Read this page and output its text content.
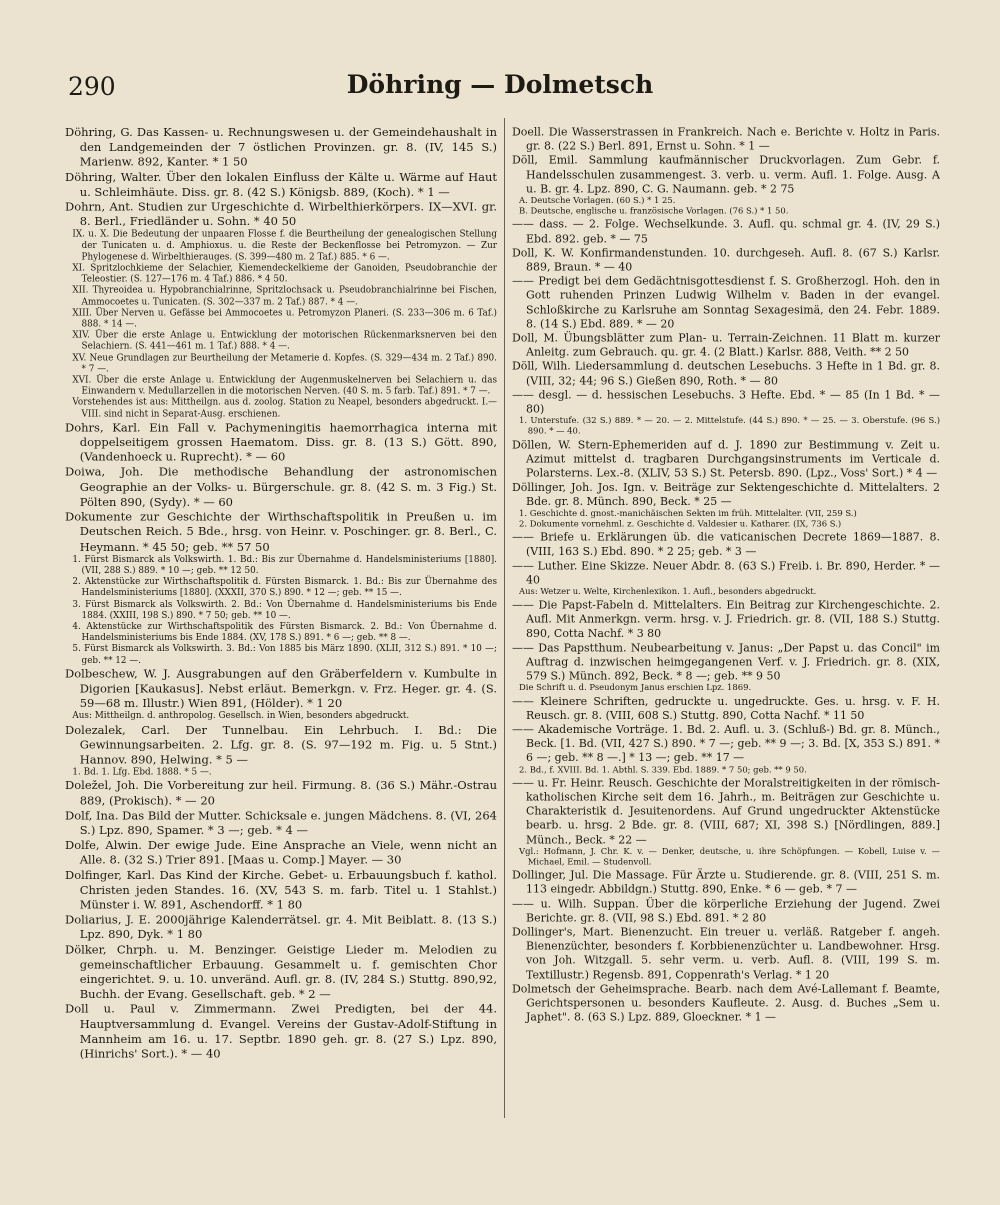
290	Döhring — Dolmetsch

Döhring, G. Das Kassen- u. Rechnungswesen u. der Gemeindehaushalt in den Landgemeinden der 7 östlichen Provinzen. gr. 8. (IV, 145 S.) Marienw. 892, Kanter. * 1 50

Döhring, Walter. Über den lokalen Einfluss der Kälte u. Wärme auf Haut u. Schleimhäute. Diss. gr. 8. (42 S.) Königsb. 889, (Koch). * 1 —

Dohrn, Ant. Studien zur Urgeschichte d. Wirbelthierkörpers. IX—XVI. gr. 8. Berl., Friedländer u. Sohn. * 40 50

IX. u. X. Die Bedeutung der unpaaren Flosse f. die Beurtheilung der genealogischen Stellung der Tunicaten u. d. Amphioxus. u. die Reste der Beckenflosse bei Petromyzon. — Zur Phylogenese d. Wirbelthierauges. (S. 399—480 m. 2 Taf.) 885. * 6 —.

XI. Spritzlochkieme der Selachier, Kiemendeckelkieme der Ganoiden, Pseudobranchie der Teleostier. (S. 127—176 m. 4 Taf.) 886. * 4 50.

XII. Thyreoidea u. Hypobranchialrinne, Spritzlochsack u. Pseudobranchialrinne bei Fischen, Ammocoetes u. Tunicaten. (S. 302—337 m. 2 Taf.) 887. * 4 —.

XIII. Über Nerven u. Gefässe bei Ammocoetes u. Petromyzon Planeri. (S. 233—306 m. 6 Taf.) 888. * 14 —.

XIV. Über die erste Anlage u. Entwicklung der motorischen Rückenmarksnerven bei den Selachiern. (S. 441—461 m. 1 Taf.) 888. * 4 —.

XV. Neue Grundlagen zur Beurtheilung der Metamerie d. Kopfes. (S. 329—434 m. 2 Taf.) 890. * 7 —.

XVI. Über die erste Anlage u. Entwicklung der Augenmuskelnerven bei Selachiern u. das Einwandern v. Medullarzellen in die motorischen Nerven. (40 S. m. 5 farb. Taf.) 891. * 7 —.

Vorstehendes ist aus: Mittheilgn. aus d. zoolog. Station zu Neapel, besonders abgedruckt. I.—VIII. sind nicht in Separat-Ausg. erschienen.

Dohrs, Karl. Ein Fall v. Pachymeningitis haemorrhagica interna mit doppelseitigem grossen Haematom. Diss. gr. 8. (13 S.) Gött. 890, (Vandenhoeck u. Ruprecht). * — 60

Doiwa, Joh. Die methodische Behandlung der astronomischen Geographie an der Volks- u. Bürgerschule. gr. 8. (42 S. m. 3 Fig.) St. Pölten 890, (Sydy). * — 60

Dokumente zur Geschichte der Wirthschaftspolitik in Preußen u. im Deutschen Reich. 5 Bde., hrsg. von Heinr. v. Poschinger. gr. 8. Berl., C. Heymann. * 45 50; geb. ** 57 50

1. Fürst Bismarck als Volkswirth. 1. Bd.: Bis zur Übernahme d. Handelsministeriums [1880]. (VII, 288 S.) 889. * 10 —; geb. ** 12 50.

2. Aktenstücke zur Wirthschaftspolitik d. Fürsten Bismarck. 1. Bd.: Bis zur Übernahme des Handelsministeriums [1880]. (XXXII, 370 S.) 890. * 12 —; geb. ** 15 —.

3. Fürst Bismarck als Volkswirth. 2. Bd.: Von Übernahme d. Handelsministeriums bis Ende 1884. (XXIII, 198 S.) 890. * 7 50; geb. ** 10 —.

4. Aktenstücke zur Wirthschaftspolitik des Fürsten Bismarck. 2. Bd.: Von Übernahme d. Handelsministeriums bis Ende 1884. (XV, 178 S.) 891. * 6 —; geb. ** 8 —.

5. Fürst Bismarck als Volkswirth. 3. Bd.: Von 1885 bis März 1890. (XLII, 312 S.) 891. * 10 —; geb. ** 12 —.

Dolbeschew, W. J. Ausgrabungen auf den Gräberfeldern v. Kumbulte in Digorien [Kaukasus]. Nebst erläut. Bemerkgn. v. Frz. Heger. gr. 4. (S. 59—68 m. Illustr.) Wien 891, (Hölder). * 1 20

Aus: Mittheilgn. d. anthropolog. Gesellsch. in Wien, besonders abgedruckt.

Dolezalek, Carl. Der Tunnelbau. Ein Lehrbuch. I. Bd.: Die Gewinnungsarbeiten. 2. Lfg. gr. 8. (S. 97—192 m. Fig. u. 5 Stnt.) Hannov. 890, Helwing. * 5 —

1. Bd. 1. Lfg. Ebd. 1888. * 5 —.

Doležel, Joh. Die Vorbereitung zur heil. Firmung. 8. (36 S.) Mähr.-Ostrau 889, (Prokisch). * — 20

Dolf, Ina. Das Bild der Mutter. Schicksale e. jungen Mädchens. 8. (VI, 264 S.) Lpz. 890, Spamer. * 3 —; geb. * 4 —

Dolfe, Alwin. Der ewige Jude. Eine Ansprache an Viele, wenn nicht an Alle. 8. (32 S.) Trier 891. [Maas u. Comp.] Mayer. — 30

Dolfinger, Karl. Das Kind der Kirche. Gebet- u. Erbauungsbuch f. kathol. Christen jeden Standes. 16. (XV, 543 S. m. farb. Titel u. 1 Stahlst.) Münster i. W. 891, Aschendorff. * 1 80

Doliarius, J. E. 2000jährige Kalenderrätsel. gr. 4. Mit Beiblatt. 8. (13 S.) Lpz. 890, Dyk. * 1 80

Dölker, Chrph. u. M. Benzinger. Geistige Lieder m. Melodien zu gemeinschaftlicher Erbauung. Gesammelt u. f. gemischten Chor eingerichtet. 9. u. 10. unveränd. Aufl. gr. 8. (IV, 284 S.) Stuttg. 890,92, Buchh. der Evang. Gesellschaft. geb. * 2 —

Doll u. Paul v. Zimmermann. Zwei Predigten, bei der 44. Hauptversammlung d. Evangel. Vereins der Gustav-Adolf-Stiftung in Mannheim am 16. u. 17. Septbr. 1890 geh. gr. 8. (27 S.) Lpz. 890, (Hinrichs' Sort.). * — 40

Doell. Die Wasserstrassen in Frankreich. Nach e. Berichte v. Holtz in Paris. gr. 8. (22 S.) Berl. 891, Ernst u. Sohn. * 1 —

Döll, Emil. Sammlung kaufmännischer Druckvorlagen. Zum Gebr. f. Handelsschulen zusammengest. 3. verb. u. verm. Aufl. 1. Folge. Ausg. A u. B. gr. 4. Lpz. 890, C. G. Naumann. geb. * 2 75

A. Deutsche Vorlagen. (60 S.) * 1 25.

B. Deutsche, englische u. französische Vorlagen. (76 S.) * 1 50.

—— dass. — 2. Folge. Wechselkunde. 3. Aufl. qu. schmal gr. 4. (IV, 29 S.) Ebd. 892. geb. * — 75

Doll, K. W. Konfirmandenstunden. 10. durchgeseh. Aufl. 8. (67 S.) Karlsr. 889, Braun. * — 40

—— Predigt bei dem Gedächtnisgottesdienst f. S. Großherzogl. Hoh. den in Gott ruhenden Prinzen Ludwig Wilhelm v. Baden in der evangel. Schloßkirche zu Karlsruhe am Sonntag Sexagesimä, den 24. Febr. 1889. 8. (14 S.) Ebd. 889. * — 20

Doll, M. Übungsblätter zum Plan- u. Terrain-Zeichnen. 11 Blatt m. kurzer Anleitg. zum Gebrauch. qu. gr. 4. (2 Blatt.) Karlsr. 888, Veith. ** 2 50

Döll, Wilh. Liedersammlung d. deutschen Lesebuchs. 3 Hefte in 1 Bd. gr. 8. (VIII, 32; 44; 96 S.) Gießen 890, Roth. * — 80

—— desgl. — d. hessischen Lesebuchs. 3 Hefte. Ebd. * — 85 (In 1 Bd. * — 80)

1. Unterstufe. (32 S.) 889. * — 20. — 2. Mittelstufe. (44 S.) 890. * — 25. — 3. Oberstufe. (96 S.) 890. * — 40.

Döllen, W. Stern-Ephemeriden auf d. J. 1890 zur Bestimmung v. Zeit u. Azimut mittelst d. tragbaren Durchgangsinstruments im Verticale d. Polarsterns. Lex.-8. (XLIV, 53 S.) St. Petersb. 890. (Lpz., Voss' Sort.) * 4 —

Döllinger, Joh. Jos. Ign. v. Beiträge zur Sektengeschichte d. Mittelalters. 2 Bde. gr. 8. Münch. 890, Beck. * 25 —

1. Geschichte d. gnost.-manichäischen Sekten im früh. Mittelalter. (VII, 259 S.)

2. Dokumente vornehml. z. Geschichte d. Valdesier u. Katharer. (IX, 736 S.)

—— Briefe u. Erklärungen üb. die vaticanischen Decrete 1869—1887. 8. (VIII, 163 S.) Ebd. 890. * 2 25; geb. * 3 —

—— Luther. Eine Skizze. Neuer Abdr. 8. (63 S.) Freib. i. Br. 890, Herder. * — 40

Aus: Wetzer u. Welte, Kirchenlexikon. 1. Aufl., besonders abgedruckt.

—— Die Papst-Fabeln d. Mittelalters. Ein Beitrag zur Kirchengeschichte. 2. Aufl. Mit Anmerkgn. verm. hrsg. v. J. Friedrich. gr. 8. (VII, 188 S.) Stuttg. 890, Cotta Nachf. * 3 80

—— Das Papstthum. Neubearbeitung v. Janus: „Der Papst u. das Concil" im Auftrag d. inzwischen heimgegangenen Verf. v. J. Friedrich. gr. 8. (XIX, 579 S.) Münch. 892, Beck. * 8 —; geb. ** 9 50

Die Schrift u. d. Pseudonym Janus erschien Lpz. 1869.

—— Kleinere Schriften, gedruckte u. ungedruckte. Ges. u. hrsg. v. F. H. Reusch. gr. 8. (VIII, 608 S.) Stuttg. 890, Cotta Nachf. * 11 50

—— Akademische Vorträge. 1. Bd. 2. Aufl. u. 3. (Schluß-) Bd. gr. 8. Münch., Beck. [1. Bd. (VII, 427 S.) 890. * 7 —; geb. ** 9 —; 3. Bd. [X, 353 S.) 891. * 6 —; geb. ** 8 —.] * 13 —; geb. ** 17 —

2. Bd., f. XVIII. Bd. 1. Abthl. S. 339. Ebd. 1889. * 7 50; geb. ** 9 50.

—— u. Fr. Heinr. Reusch. Geschichte der Moralstreitigkeiten in der römisch-katholischen Kirche seit dem 16. Jahrh., m. Beiträgen zur Geschichte u. Charakteristik d. Jesuitenordens. Auf Grund ungedruckter Aktenstücke bearb. u. hrsg. 2 Bde. gr. 8. (VIII, 687; XI, 398 S.) [Nördlingen, 889.] Münch., Beck. * 22 —

Vgl.: Hofmann, J. Chr. K. v. — Denker, deutsche, u. ihre Schöpfungen. — Kobell, Luise v. — Michael, Emil. — Studenvoll.

Dollinger, Jul. Die Massage. Für Ärzte u. Studierende. gr. 8. (VIII, 251 S. m. 113 eingedr. Abbildgn.) Stuttg. 890, Enke. * 6 — geb. * 7 —

—— u. Wilh. Suppan. Über die körperliche Erziehung der Jugend. Zwei Berichte. gr. 8. (VII, 98 S.) Ebd. 891. * 2 80

Dollinger's, Mart. Bienenzucht. Ein treuer u. verläß. Ratgeber f. angeh. Bienenzüchter, besonders f. Korbbienenzüchter u. Landbewohner. Hrsg. von Joh. Witzgall. 5. sehr verm. u. verb. Aufl. 8. (VIII, 199 S. m. Textillustr.) Regensb. 891, Coppenrath's Verlag. * 1 20

Dolmetsch der Geheimsprache. Bearb. nach dem Avé-Lallemant f. Beamte, Gerichtspersonen u. besonders Kaufleute. 2. Ausg. d. Buches „Sem u. Japhet". 8. (63 S.) Lpz. 889, Gloeckner. * 1 —
